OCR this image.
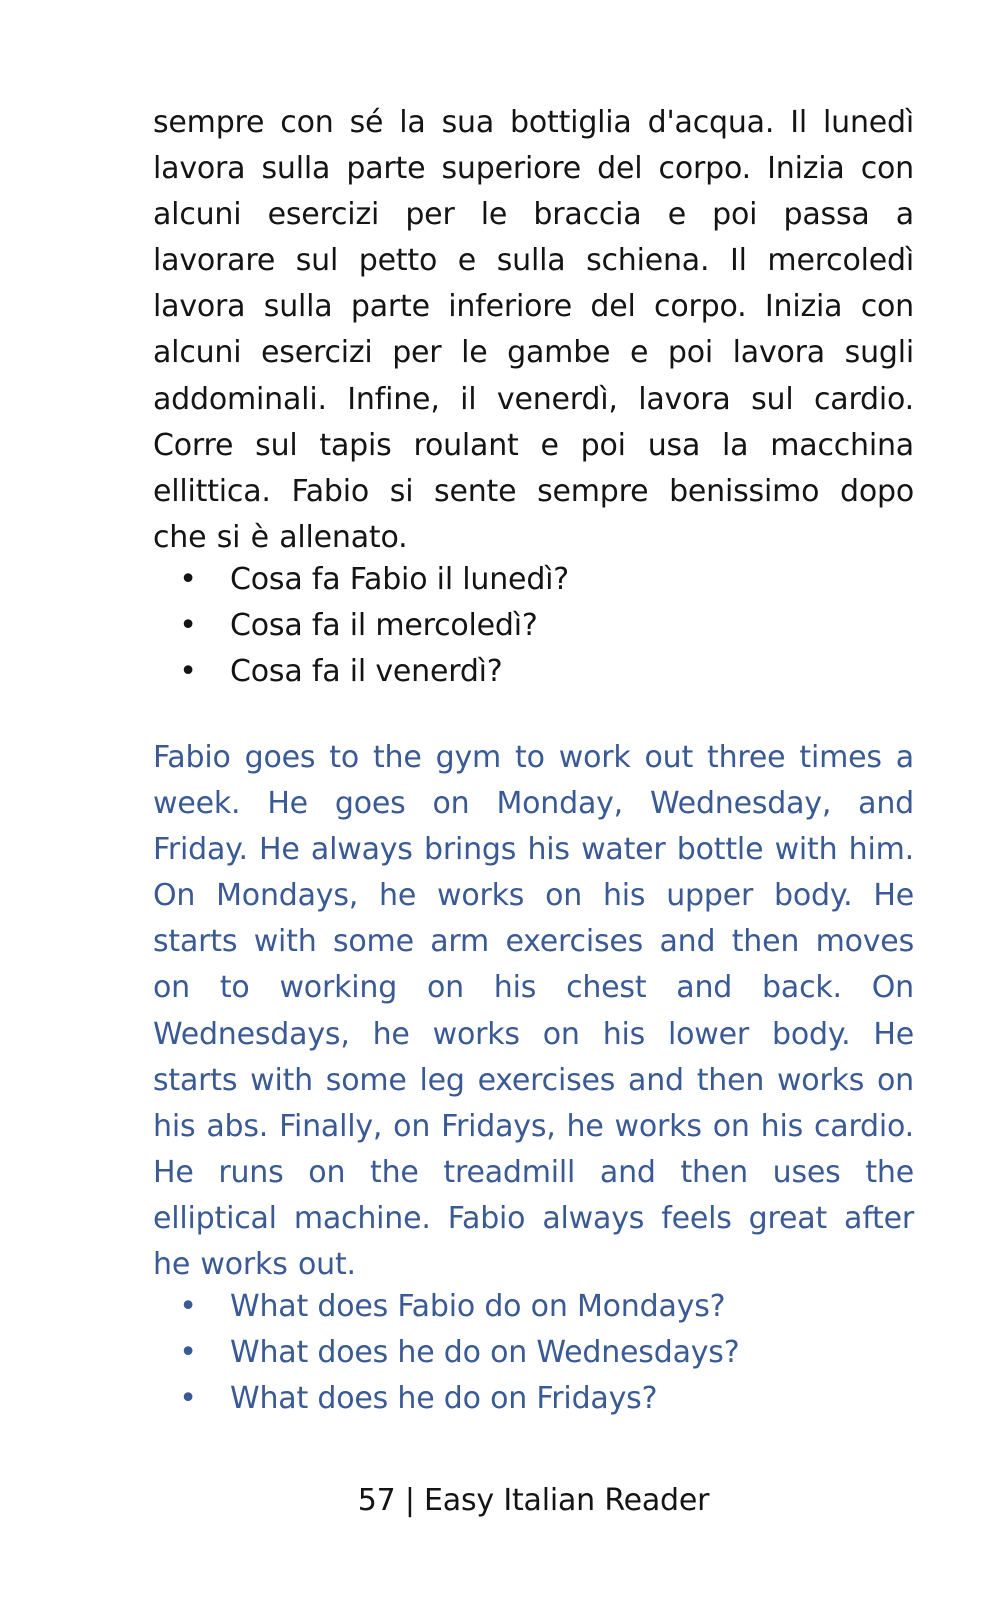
sempre con sé la sua bottiglia d'acqua. Il lunedì lavora sulla parte superiore del corpo. Inizia con alcuni esercizi per le braccia e poi passa a lavorare sul petto e sulla schiena. Il mercoledì lavora sulla parte inferiore del corpo. Inizia con alcuni esercizi per le gambe e poi lavora sugli addominali. Infine, il venerdì, lavora sul cardio. Corre sul tapis roulant e poi usa la macchina ellittica. Fabio si sente sempre benissimo dopo che si è allenato.

• Cosa fa Fabio il lunedì?
• Cosa fa il mercoledì?
• Cosa fa il venerdì?

Fabio goes to the gym to work out three times a week. He goes on Monday, Wednesday, and Friday. He always brings his water bottle with him. On Mondays, he works on his upper body. He starts with some arm exercises and then moves on to working on his chest and back. On Wednesdays, he works on his lower body. He starts with some leg exercises and then works on his abs. Finally, on Fridays, he works on his cardio. He runs on the treadmill and then uses the elliptical machine. Fabio always feels great after he works out.

• What does Fabio do on Mondays?
• What does he do on Wednesdays?
• What does he do on Fridays?
57 | Easy Italian Reader
